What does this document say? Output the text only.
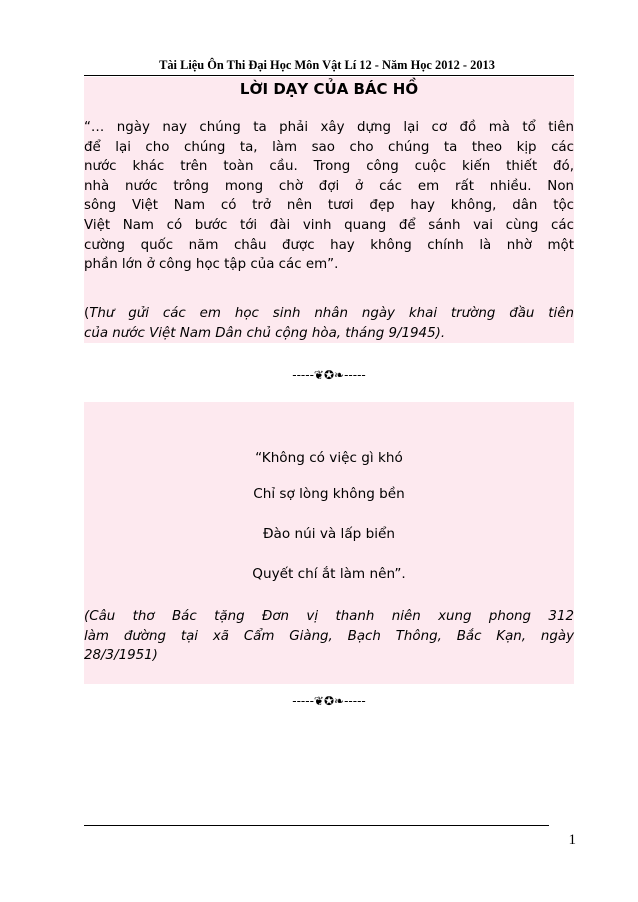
Tài Liệu Ôn Thi Đại Học Môn Vật Lí 12 - Năm Học 2012 - 2013
LỜI DẠY CỦA BÁC HỒ
“… ngày nay chúng ta phải xây dựng lại cơ đồ mà tổ tiên
để lại cho chúng ta, làm sao cho chúng ta theo kịp các
nước khác trên toàn cầu. Trong công cuộc kiến thiết đó,
nhà nước trông mong chờ đợi ở các em rất nhiều. Non
sông Việt Nam có trở nên tươi đẹp hay không, dân tộc
Việt Nam có bước tới đài vinh quang để sánh vai cùng các
cường quốc năm châu được hay không chính là nhờ một
phần lớn ở công học tập của các em”.
(Thư gửi các em học sinh nhân ngày khai trường đầu tiên
của nước Việt Nam Dân chủ cộng hòa, tháng 9/1945).
-----❦✪❧-----
“Không có việc gì khó
Chỉ sợ lòng không bền
Đào núi và lấp biển
Quyết chí ắt làm nên”.
(Câu thơ Bác tặng Đơn vị thanh niên xung phong 312
làm đường tại xã Cẩm Giàng, Bạch Thông, Bắc Kạn, ngày
28/3/1951)
-----❦✪❧-----
1
